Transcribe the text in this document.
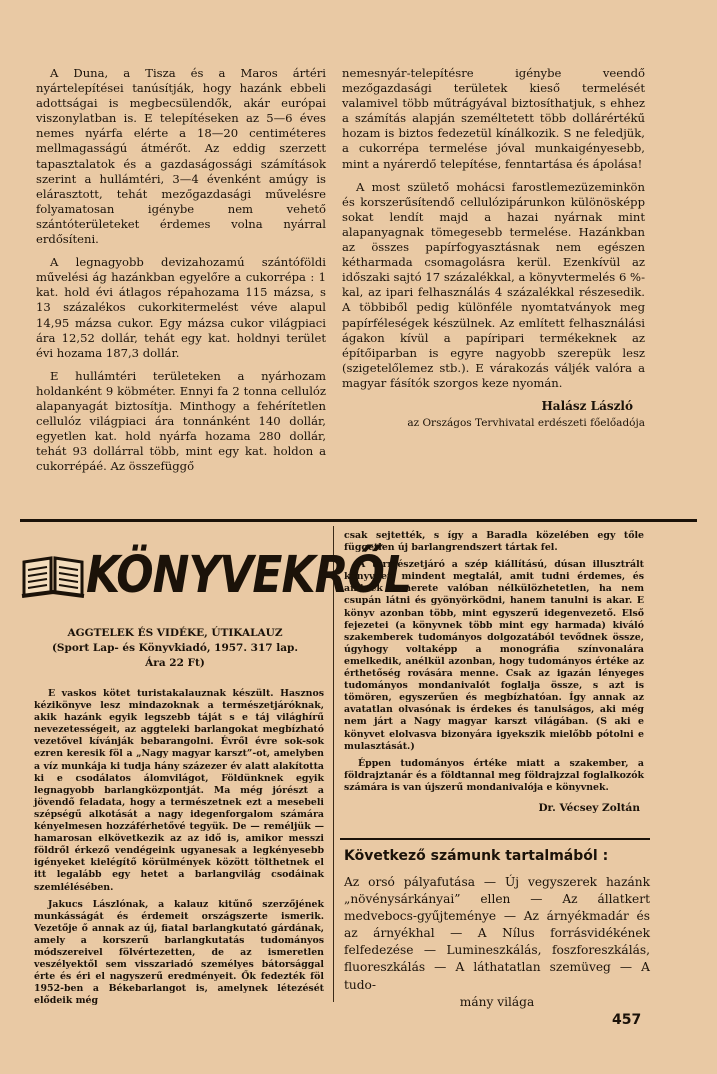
A Duna, a Tisza és a Maros ártéri nyártelepítései tanúsítják, hogy hazánk ebbeli adottságai is megbecsülendők, akár európai viszonylatban is. E telepítéseken az 5—6 éves nemes nyárfa elérte a 18—20 centiméteres mellmagasságú átmérőt. Az eddig szerzett tapasztalatok és a gazdaságossági számítások szerint a hullámtéri, 3—4 évenként amúgy is elárasztott, tehát mezőgazdasági művelésre folyamatosan igénybe nem vehető szántóterületeket érdemes volna nyárral erdősíteni.

A legnagyobb devizahozamú szántóföldi művelési ág hazánkban egyelőre a cukorrépa : 1 kat. hold évi átlagos répahozama 115 mázsa, s 13 százalékos cukorkitermelést véve alapul 14,95 mázsa cukor. Egy mázsa cukor világpiaci ára 12,52 dollár, tehát egy kat. holdnyi terület évi hozama 187,3 dollár.

E hullámtéri területeken a nyárhozam holdanként 9 köbméter. Ennyi fa 2 tonna cellulóz alapanyagát biztosítja. Minthogy a fehérítetlen cellulóz világpiaci ára tonnánként 140 dollár, egyetlen kat. hold nyárfa hozama 280 dollár, tehát 93 dollárral több, mint egy kat. holdon a cukorrépáé. Az összefüggő

nemesnyár-telepítésre igénybe veendő mezőgazdasági területek kieső termelését valamivel több műtrágyával biztosíthatjuk, s ehhez a számítás alapján személtetett több dollárértékű hozam is biztos fedezetül kínálkozik. S ne feledjük, a cukorrépa termelése jóval munkaigényesebb, mint a nyárerdő telepítése, fenntartása és ápolása!

A most születő mohácsi farostlemezüzeminkön és korszerűsítendő cellulózipárunkon különösképp sokat lendít majd a hazai nyárnak mint alapanyagnak tömegesebb termelése. Hazánkban az összes papírfogyasztásnak nem egészen kétharmada csomagolásra kerül. Ezenkívül az időszaki sajtó 17 százalékkal, a könyvtermelés 6 %-kal, az ipari felhasználás 4 százalékkal részesedik. A többiből pedig különféle nyomtatványok meg papírféleségek készülnek. Az említett felhasználási ágakon kívül a papíripari termékeknek az építőiparban is egyre nagyobb szerepük lesz (szigetelőlemez stb.). E várakozás váljék valóra a magyar fásítók szorgos keze nyomán.

Halász László
az Országos Tervhivatal erdészeti főelőadója
KÖNYVEKRŐL
AGGTELEK ÉS VIDÉKE, ÚTIKALAUZ
(Sport Lap- és Könyvkiadó, 1957. 317 lap.
Ára 22 Ft)

E vaskos kötet turistakalauznak készült. Hasznos kézikönyve lesz mindazoknak a természetjáróknak, akik hazánk egyik legszebb táját s e táj világhírű nevezetességeit, az aggteleki barlangokat megbízható vezetővel kívánják bebarangolni. Évről évre sok-sok ezren keresik föl a „Nagy magyar karszt”-ot, amelyben a víz munkája ki tudja hány százezer év alatt alakította ki e csodálatos álomvilágot, Földünknek egyik legnagyobb barlangközpontját. Ma még jórészt a jövendő feladata, hogy a természetnek ezt a mesebeli szépségű alkotását a nagy idegenforgalom számára kényelmesen hozzáférhetővé tegyük. De — reméljük — hamarosan elkövetkezik az az idő is, amikor messzi földről érkező vendégeink ugyanesak a legkényesebb igényeket kielégítő körülmények között tölthetnek el itt legalább egy hetet a barlangvilág csodáinak szemlélésében.

Jakucs Lászlónak, a kalauz kitűnő szerzőjének munkásságát és érdemeit országszerte ismerik. Vezetője ő annak az új, fiatal barlangkutató gárdának, amely a korszerű barlangkutatás tudományos módszereivel fölvértezetten, de az ismeretlen veszélyektől sem visszariadó személyes bátorsággal érte és éri el nagyszerű eredményeit. Ők fedezték föl 1952-ben a Békebarlangot is, amelynek létezését elődeik még

csak sejtették, s így a Baradla közelében egy tőle független új barlangrendszert tártak fel.

A természetjáró a szép kiállítású, dúsan illusztrált könyvben mindent megtalál, amit tudni érdemes, és aminek ismerete valóban nélkülözhetetlen, ha nem csupán látni és gyönyörködni, hanem tanulni is akar. E könyv azonban több, mint egyszerű idegenvezető. Első fejezetei (a könyvnek több mint egy harmada) kiváló szakemberek tudományos dolgozatából tevődnek össze, úgyhogy voltaképp a monográfia színvonalára emelkedik, anélkül azonban, hogy tudományos értéke az érthetőség rovására menne. Csak az igazán lényeges tudományos mondanivalót foglalja össze, s azt is tömören, egyszerűen és megbízhatóan. Így annak az avatatlan olvasónak is érdekes és tanulságos, aki még nem járt a Nagy magyar karszt világában. (S aki e könyvet elolvasva bizonyára igyekszik mielőbb pótolni e mulasztását.)

Éppen tudományos értéke miatt a szakember, a földrajztanár és a földtannal meg földrajzzal foglalkozók számára is van újszerű mondanivalója e könyvnek.

Dr. Vécsey Zoltán
Következő számunk tartalmából :
Az orsó pályafutása — Új vegyszerek hazánk „növénysárkányai” ellen — Az állatkert medvebocs-gyűjteménye — Az árnyékmadár és az árnyékhal — A Nílus forrásvidékének felfedezése — Lumineszkálás, foszforeszkálás, fluoreszkálás — A láthatatlan szemüveg — A tudo-
mány világa
457
